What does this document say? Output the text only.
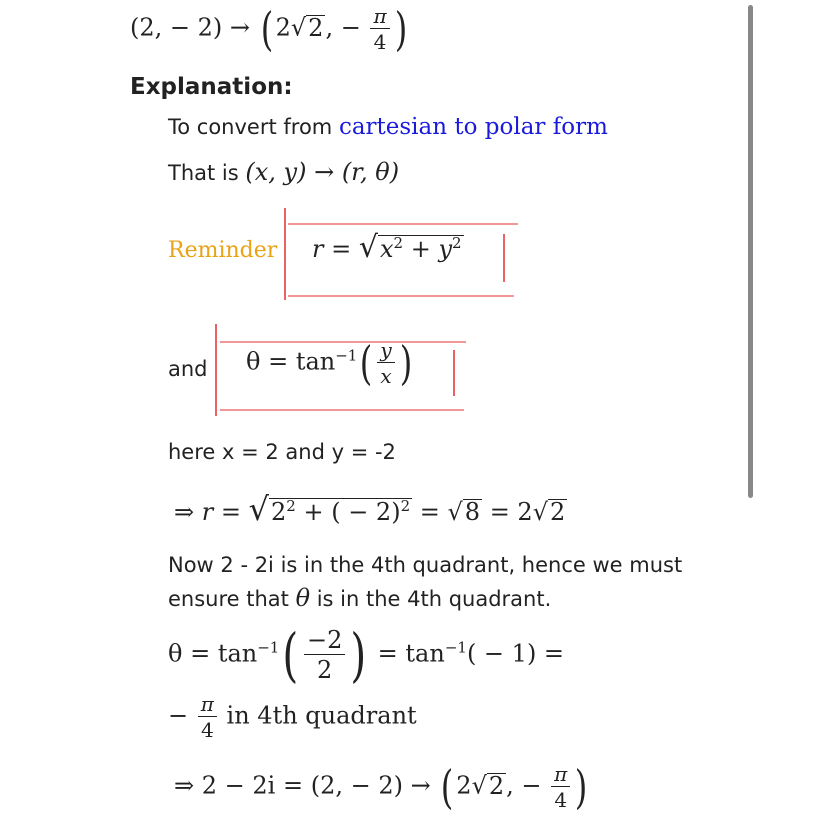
(2, − 2) → ( 2√2, − $\frac{\pi}{4}$ )
Explanation:
To convert from cartesian to polar form
That is (x, y) → (r, θ)
Reminder $r = √x^2 + y^2$
and $\theta = \tan^{-1}( \frac{y}{x}$ )
here x = 2 and y = -2
⇒ $r = √2^2$ + ( − 2)$^2$ = √8 = 2√2
Now 2 - 2i is in the 4th quadrant, hence we must
ensure that θ is in the 4th quadrant.
$\theta = \tan^{-1}( \frac{-2}{2}$ ) = $\tan^{-1}( - 1)$ =
− $\frac{\pi}{4}$ in 4th quadrant
⇒ 2 − 2i = (2, − 2) → ( 2√2, − $\frac{\pi}{4}$ )
